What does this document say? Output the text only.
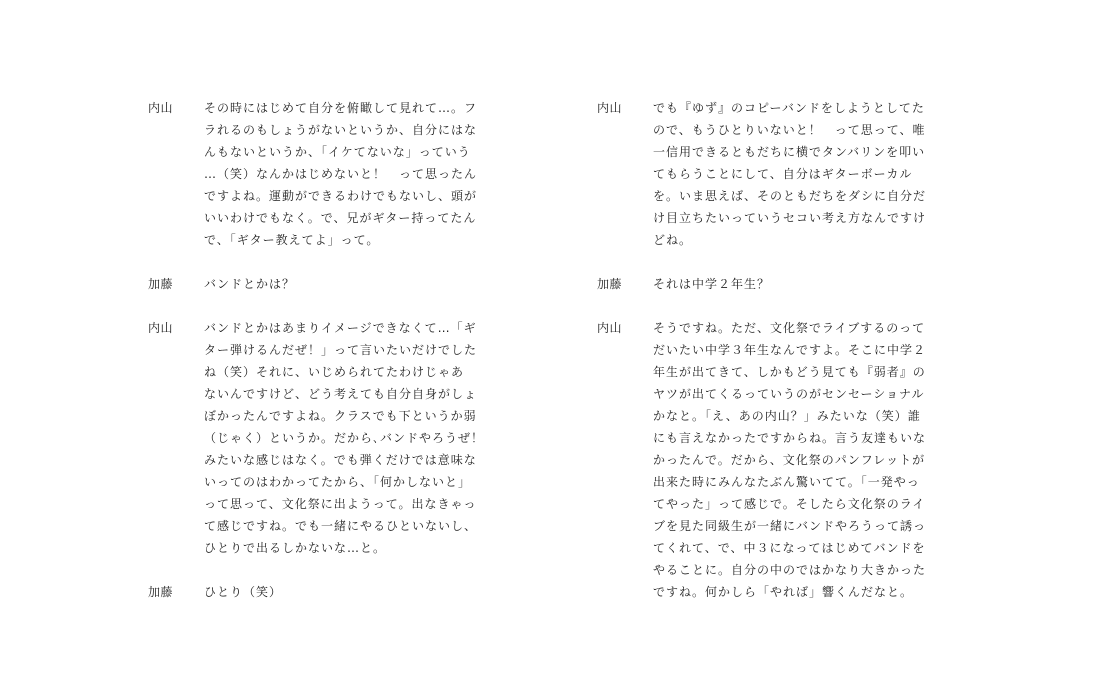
内山	その時にはじめて自分を俯瞰して見れて…。フ
ラれるのもしょうがないというか、自分にはな
んもないというか、「イケてないな」っていう
…（笑）なんかはじめないと！　って思ったん
ですよね。運動ができるわけでもないし、頭が
いいわけでもなく。で、兄がギター持ってたん
で、「ギター教えてよ」って。
加藤	バンドとかは？
内山	バンドとかはあまりイメージできなくて…「ギ
ター弾けるんだぜ！」って言いたいだけでした
ね（笑）それに、いじめられてたわけじゃあ
ないんですけど、どう考えても自分自身がしょ
ぼかったんですよね。クラスでも下というか弱
（じゃく）というか。だから､バンドやろうぜ！
みたいな感じはなく。でも弾くだけでは意味な
いってのはわかってたから、「何かしないと」
って思って、文化祭に出ようって。出なきゃっ
て感じですね。でも一緒にやるひといないし、
ひとりで出るしかないな…と。
加藤	ひとり（笑）
内山	でも『ゆず』のコピーバンドをしようとしてた
ので、もうひとりいないと！　って思って、唯
一信用できるともだちに横でタンバリンを叩い
てもらうことにして、自分はギターボーカル
を。いま思えば、そのともだちをダシに自分だ
け目立ちたいっていうセコい考え方なんですけ
どね。
加藤	それは中学２年生？
内山	そうですね。ただ、文化祭でライブするのって
だいたい中学３年生なんですよ。そこに中学２
年生が出てきて、しかもどう見ても『弱者』の
ヤツが出てくるっていうのがセンセーショナル
かなと。「え、あの内山？」みたいな（笑）誰
にも言えなかったですからね。言う友達もいな
かったんで。だから、文化祭のパンフレットが
出来た時にみんなたぶん驚いてて。「一発やっ
てやった」って感じで。そしたら文化祭のライ
ブを見た同級生が一緒にバンドやろうって誘っ
てくれて、で、中３になってはじめてバンドを
やることに。自分の中のではかなり大きかった
ですね。何かしら「やれば」響くんだなと。
